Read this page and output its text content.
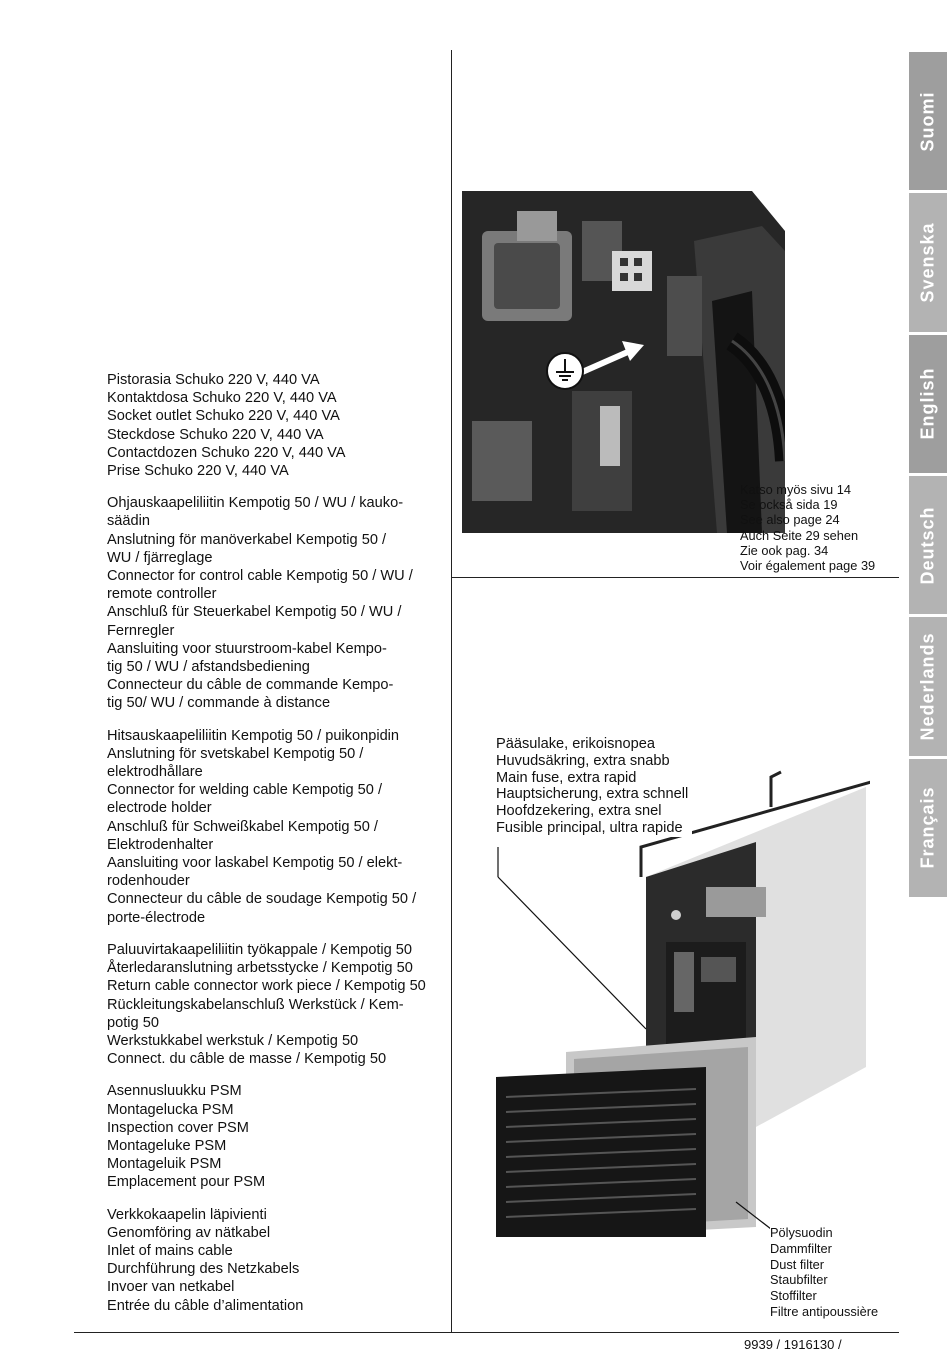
Pistorasia Schuko 220 V, 440 VA
Kontaktdosa Schuko 220 V, 440 VA
Socket outlet Schuko 220 V, 440 VA
Steckdose Schuko 220 V, 440 VA
Contactdozen Schuko 220 V, 440 VA
Prise Schuko 220 V, 440 VA
Ohjauskaapeliliitin Kempotig 50 / WU / kauko-
säädin
Anslutning för manöverkabel Kempotig 50 /
WU / fjärreglage
Connector for control cable Kempotig 50 / WU /
remote controller
Anschluß für Steuerkabel Kempotig 50 / WU /
Fernregler
Aansluiting voor stuurstroom-kabel Kempo-
tig 50 / WU / afstandsbediening
Connecteur du câble de commande Kempo-
tig 50/ WU / commande à distance
Hitsauskaapeliliitin Kempotig 50 / puikonpidin
Anslutning för svetskabel Kempotig 50 /
elektrodhållare
Connector for welding cable Kempotig 50 /
electrode holder
Anschluß für Schweißkabel Kempotig 50 /
Elektrodenhalter
Aansluiting voor laskabel Kempotig 50 / elekt-
rodenhouder
Connecteur du câble de soudage Kempotig 50 /
porte-électrode
Paluuvirtakaapeliliitin työkappale / Kempotig 50
Återledaranslutning arbetsstycke / Kempotig 50
Return cable connector work piece / Kempotig 50
Rückleitungskabelanschluß Werkstück / Kem-
potig 50
Werkstukkabel werkstuk / Kempotig 50
Connect. du câble de masse / Kempotig 50
Asennusluukku PSM
Montagelucka PSM
Inspection cover PSM
Montageluke PSM
Montageluik PSM
Emplacement pour PSM
Verkkokaapelin läpivienti
Genomföring av nätkabel
Inlet of mains cable
Durchführung des Netzkabels
Invoer van netkabel
Entrée du câble d’alimentation
Katso myös sivu 14
Se också sida 19
See also page 24
Auch Seite 29 sehen
Zie ook pag. 34
Voir également page 39
Pääsulake, erikoisnopea
Huvudsäkring, extra snabb
Main fuse, extra rapid
Hauptsicherung, extra schnell
Hoofdzekering, extra snel
Fusible principal, ultra rapide
Pölysuodin
Dammfilter
Dust filter
Staubfilter
Stoffilter
Filtre antipoussière
9939 / 1916130 /
Suomi
Svenska
English
Deutsch
Nederlands
Français
